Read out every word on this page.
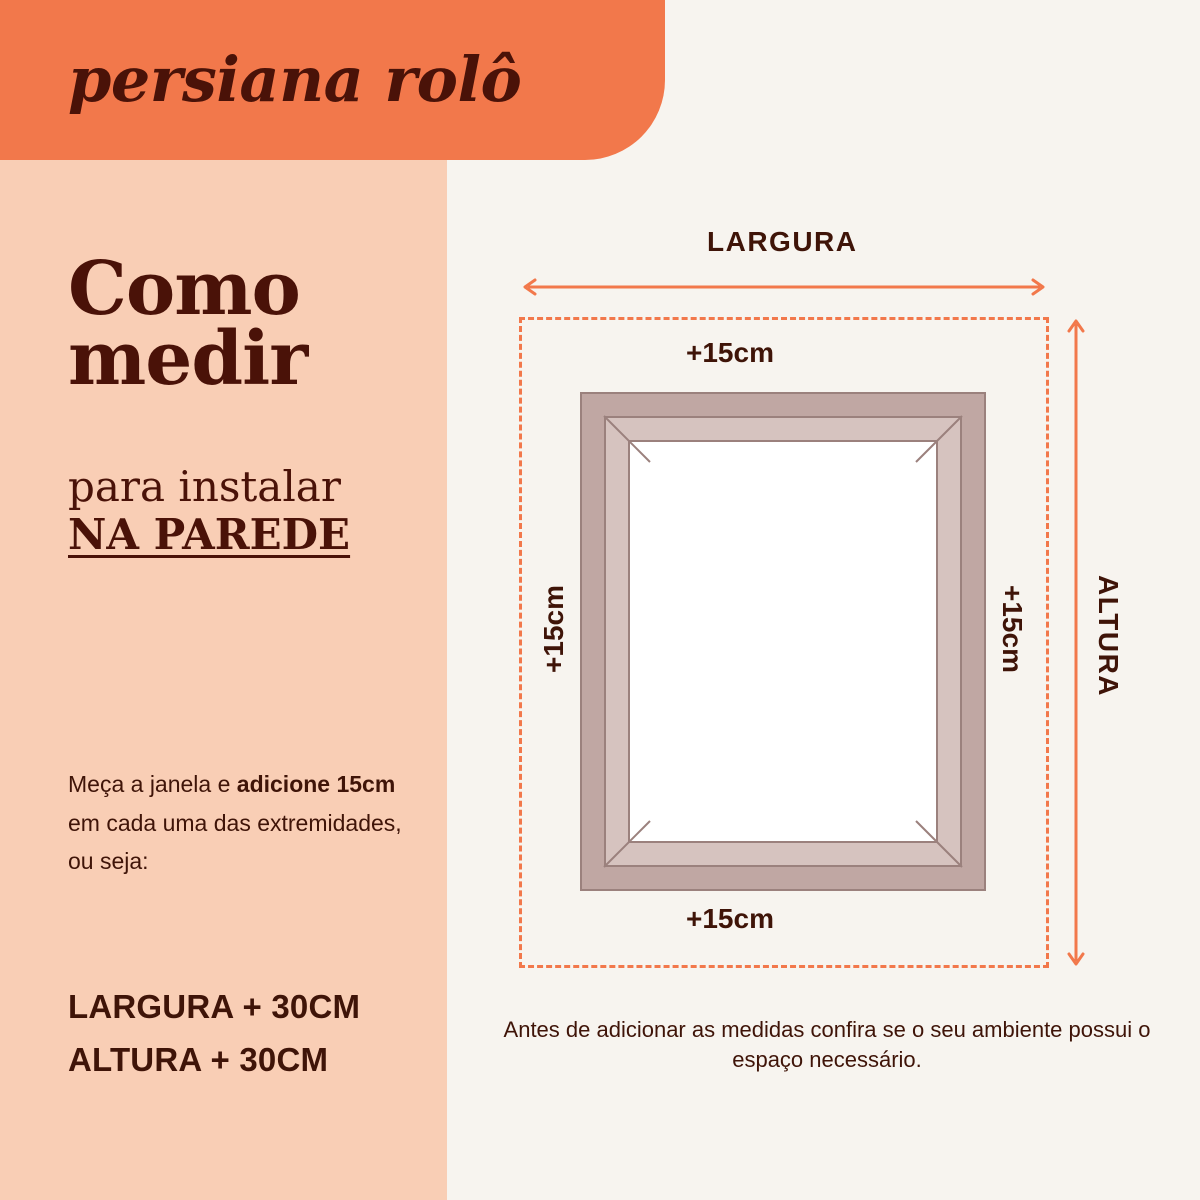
persiana rolô
Como
medir
para instalar
NA PAREDE
Meça a janela e adicione 15cm em cada uma das extremidades, ou seja:
LARGURA + 30CM
ALTURA + 30CM
LARGURA
ALTURA
+15cm
+15cm
+15cm	+15cm
Antes de adicionar as medidas confira se o seu ambiente possui o espaço necessário.
